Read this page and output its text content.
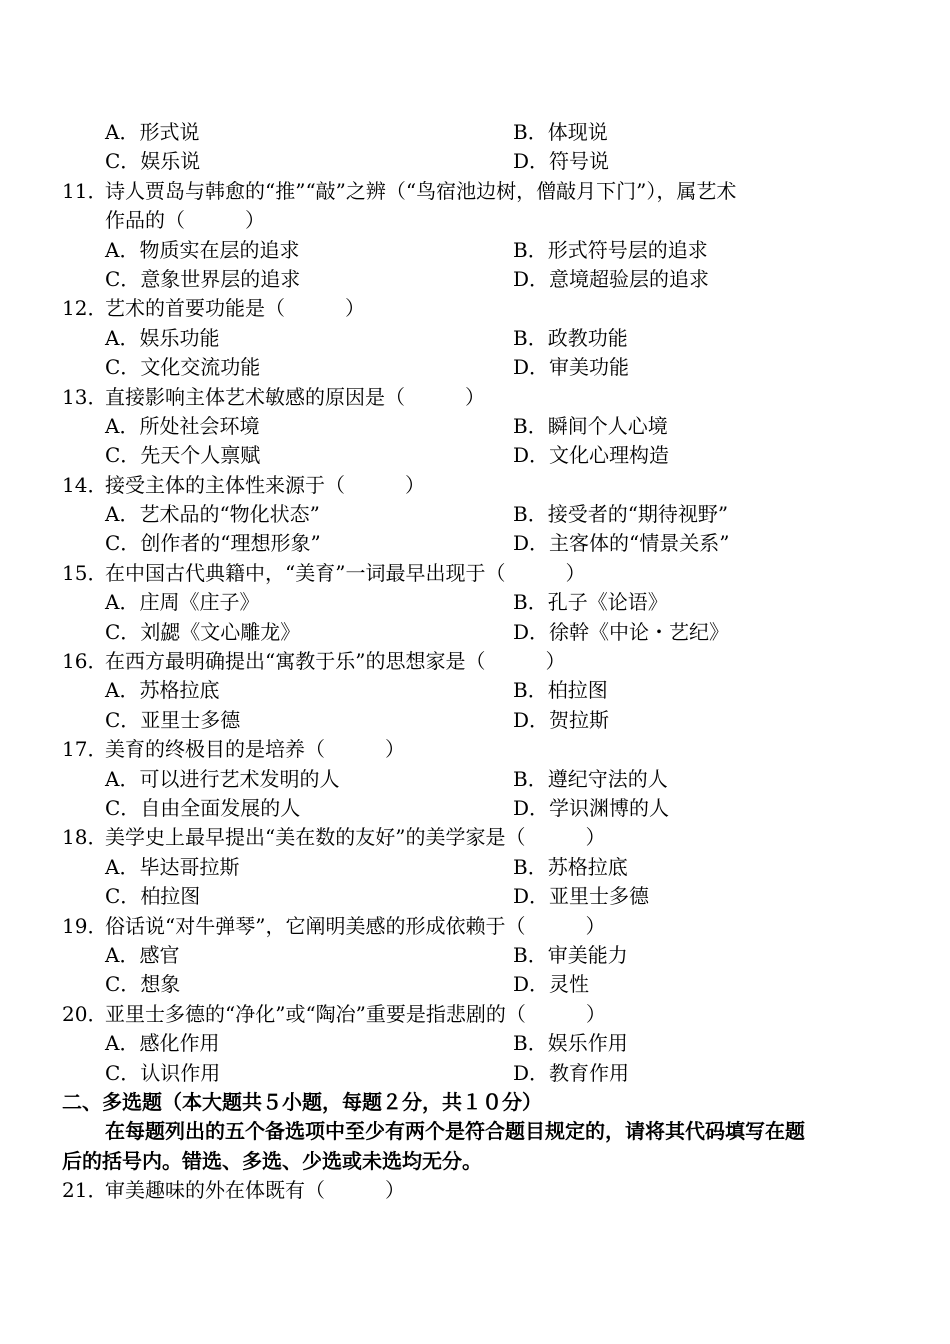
A．形式说	B．体现说
C．娱乐说	D．符号说
11．
诗人贾岛与韩愈的“推”“敲”之辨（“鸟宿池边树，僧敲月下门”），属艺术
作品的（　　　）
A．物质实在层的追求	B．形式符号层的追求
C．意象世界层的追求	D．意境超验层的追求
12．
艺术的首要功能是（　　　）
A．娱乐功能	B．政教功能
C．文化交流功能	D．审美功能
13．
直接影响主体艺术敏感的原因是（　　　）
A．所处社会环境	B．瞬间个人心境
C．先天个人禀赋	D．文化心理构造
14．
接受主体的主体性来源于（　　　）
A．艺术品的“物化状态”	B．接受者的“期待视野”
C．创作者的“理想形象”	D．主客体的“情景关系”
15．
在中国古代典籍中，“美育”一词最早出现于（　　　）
A．庄周《庄子》	B．孔子《论语》
C．刘勰《文心雕龙》	D．徐幹《中论・艺纪》
16．
在西方最明确提出“寓教于乐”的思想家是（　　　）
A．苏格拉底	B．柏拉图
C．亚里士多德	D．贺拉斯
17．
美育的终极目的是培养（　　　）
A．可以进行艺术发明的人	B．遵纪守法的人
C．自由全面发展的人	D．学识渊博的人
18．
美学史上最早提出“美在数的友好”的美学家是（　　　）
A．毕达哥拉斯	B．苏格拉底
C．柏拉图	D．亚里士多德
19．
俗话说“对牛弹琴”，它阐明美感的形成依赖于（　　　）
A．感官	B．审美能力
C．想象	D．灵性
20．
亚里士多德的“净化”或“陶冶”重要是指悲剧的（　　　）
A．感化作用	B．娱乐作用
C．认识作用	D．教育作用
二、多选题（本大题共５小题，每题２分，共１０分）
在每题列出的五个备选项中至少有两个是符合题目规定的，请将其代码填写在题
后的括号内。错选、多选、少选或未选均无分。
21．
审美趣味的外在体既有（　　　）
